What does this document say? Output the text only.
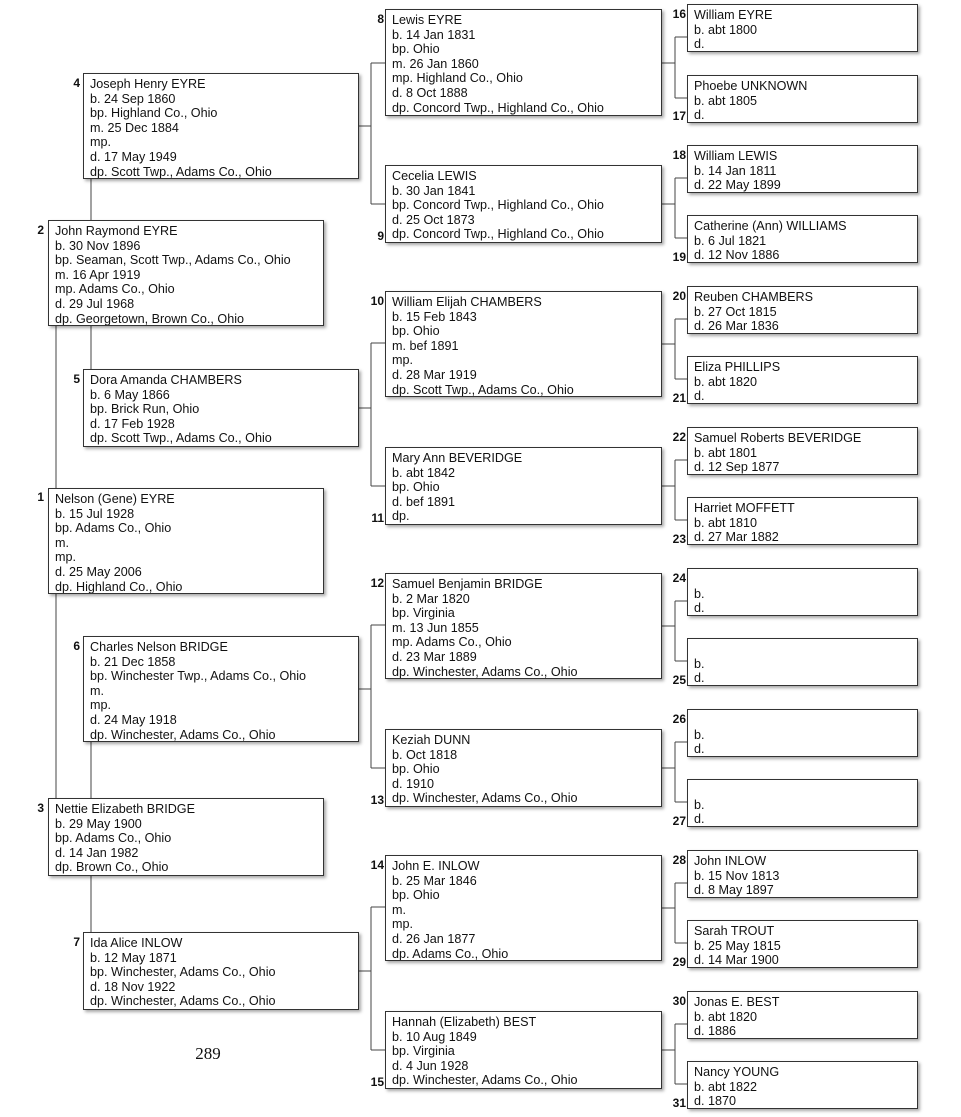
Nelson (Gene) EYRE
b. 15 Jul 1928
bp. Adams Co., Ohio
m.
mp.
d. 25 May 2006
dp. Highland Co., Ohio
1
John Raymond EYRE
b. 30 Nov 1896
bp. Seaman, Scott Twp., Adams Co., Ohio
m. 16 Apr 1919
mp. Adams Co., Ohio
d. 29 Jul 1968
dp. Georgetown, Brown Co., Ohio
2
Nettie Elizabeth BRIDGE
b. 29 May 1900
bp. Adams Co., Ohio
d. 14 Jan 1982
dp. Brown Co., Ohio
3
Joseph Henry EYRE
b. 24 Sep 1860
bp. Highland Co., Ohio
m. 25 Dec 1884
mp.
d. 17 May 1949
dp. Scott Twp., Adams Co., Ohio
4
Dora Amanda CHAMBERS
b. 6 May 1866
bp. Brick Run, Ohio
d. 17 Feb 1928
dp. Scott Twp., Adams Co., Ohio
5
Charles Nelson BRIDGE
b. 21 Dec 1858
bp. Winchester Twp., Adams Co., Ohio
m.
mp.
d. 24 May 1918
dp. Winchester, Adams Co., Ohio
6
Ida Alice INLOW
b. 12 May 1871
bp. Winchester, Adams Co., Ohio
d. 18 Nov 1922
dp. Winchester, Adams Co., Ohio
7
Lewis EYRE
b. 14 Jan 1831
bp. Ohio
m. 26 Jan 1860
mp. Highland Co., Ohio
d. 8 Oct 1888
dp. Concord Twp., Highland Co., Ohio
8
Cecelia LEWIS
b. 30 Jan 1841
bp. Concord Twp., Highland Co., Ohio
d. 25 Oct 1873
dp. Concord Twp., Highland Co., Ohio
9
William Elijah CHAMBERS
b. 15 Feb 1843
bp. Ohio
m. bef 1891
mp.
d. 28 Mar 1919
dp. Scott Twp., Adams Co., Ohio
10
Mary Ann BEVERIDGE
b. abt 1842
bp. Ohio
d. bef 1891
dp.
11
Samuel Benjamin BRIDGE
b. 2 Mar 1820
bp. Virginia
m. 13 Jun 1855
mp. Adams Co., Ohio
d. 23 Mar 1889
dp. Winchester, Adams Co., Ohio
12
Keziah DUNN
b. Oct 1818
bp. Ohio
d. 1910
dp. Winchester, Adams Co., Ohio
13
John E. INLOW
b. 25 Mar 1846
bp. Ohio
m.
mp.
d. 26 Jan 1877
dp. Adams Co., Ohio
14
Hannah (Elizabeth) BEST
b. 10 Aug 1849
bp. Virginia
d. 4 Jun 1928
dp. Winchester, Adams Co., Ohio
15
William EYRE
b. abt 1800
d.
16
Phoebe UNKNOWN
b. abt 1805
d.
17
William LEWIS
b. 14 Jan 1811
d. 22 May 1899
18
Catherine (Ann) WILLIAMS
b. 6 Jul 1821
d. 12 Nov 1886
19
Reuben CHAMBERS
b. 27 Oct 1815
d. 26 Mar 1836
20
Eliza PHILLIPS
b. abt 1820
d.
21
Samuel Roberts BEVERIDGE
b. abt 1801
d. 12 Sep 1877
22
Harriet MOFFETT
b. abt 1810
d. 27 Mar 1882
23

b.
d.
24

b.
d.
25

b.
d.
26

b.
d.
27
John INLOW
b. 15 Nov 1813
d. 8 May 1897
28
Sarah TROUT
b. 25 May 1815
d. 14 Mar 1900
29
Jonas E. BEST
b. abt 1820
d. 1886
30
Nancy YOUNG
b. abt 1822
d. 1870
31
289
